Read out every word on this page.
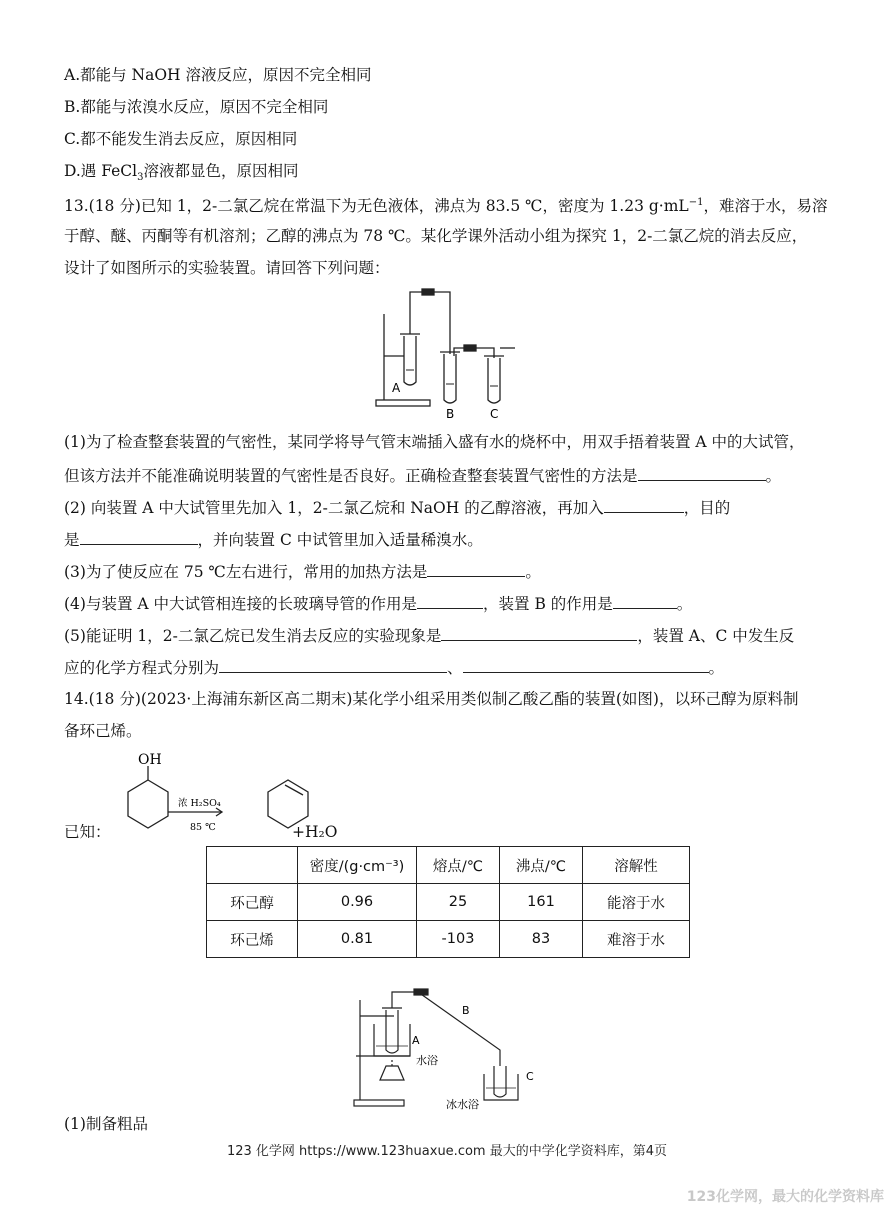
A.都能与 NaOH 溶液反应，原因不完全相同
B.都能与浓溴水反应，原因不完全相同
C.都不能发生消去反应，原因相同
D.遇 FeCl$_3$溶液都显色，原因相同
13.(18 分)已知 1，2-二氯乙烷在常温下为无色液体，沸点为 83.5 ℃，密度为 1.23 $g\cdot mL^{-1}$，难溶于水，易溶
于醇、醚、丙酮等有机溶剂；乙醇的沸点为 78 ℃。某化学课外活动小组为探究 1，2-二氯乙烷的消去反应，
设计了如图所示的实验装置。请回答下列问题：
A
B	C
(1)为了检查整套装置的气密性，某同学将导气管末端插入盛有水的烧杯中，用双手捂着装置 A 中的大试管，
但该方法并不能准确说明装置的气密性是否良好。正确检查整套装置气密性的方法是	。
(2) 向装置 A 中大试管里先加入 1，2-二氯乙烷和 NaOH 的乙醇溶液，再加入	，目的
是	，并向装置 C 中试管里加入适量稀溴水。
(3)为了使反应在 75 ℃左右进行，常用的加热方法是	。
(4)与装置 A 中大试管相连接的长玻璃导管的作用是	，装置 B 的作用是	。
(5)能证明 1，2-二氯乙烷已发生消去反应的实验现象是	，装置 A、C 中发生反
应的化学方程式分别为	、	。
14.(18 分)(2023·上海浦东新区高二期末)某化学小组采用类似制乙酸乙酯的装置(如图)，以环己醇为原料制
备环己烯。
已知：
OH
浓 H₂SO₄
85 ℃	+H₂O
	密度/(g·cm⁻³)	熔点/℃	沸点/℃	溶解性
环己醇	0.96	25	161	能溶于水
环己烯	0.81	-103	83	难溶于水
B
A
水浴
C
冰水浴
(1)制备粗品
123 化学网 https://www.123huaxue.com 最大的中学化学资料库，第4页
123化学网，最大的化学资料库
